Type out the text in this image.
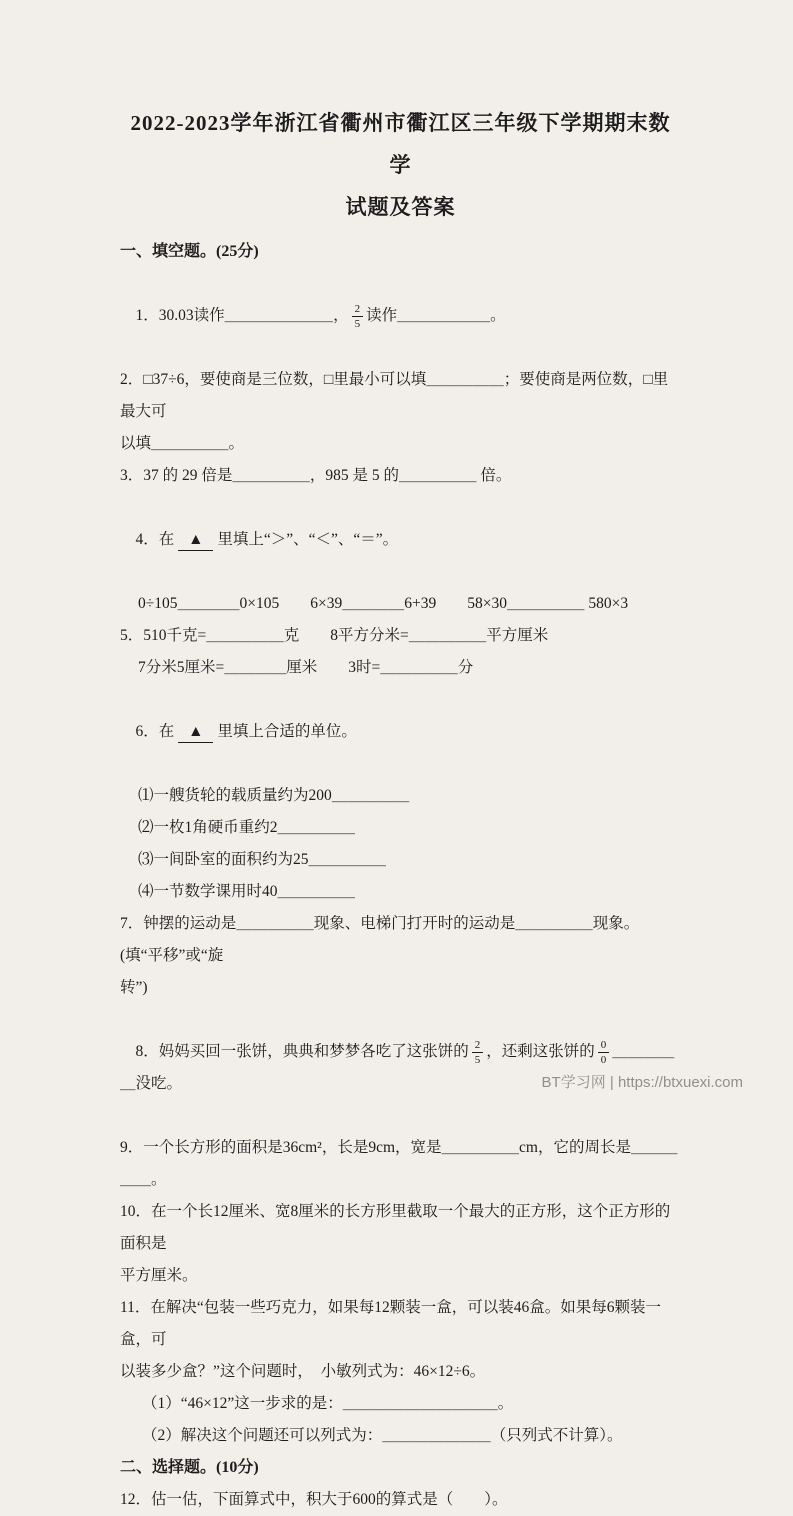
2022-2023学年浙江省衢州市衢江区三年级下学期期末数学
试题及答案
一、填空题。(25分)

1．30.03读作＿＿＿＿＿＿＿， $\frac{2}{5}$ 读作＿＿＿＿＿＿。

2．□37÷6，要使商是三位数，□里最小可以填＿＿＿＿＿；要使商是两位数，□里最大可
以填＿＿＿＿＿。
3．37 的 29 倍是＿＿＿＿＿，985 是 5 的＿＿＿＿＿ 倍。

4．在 ▲ 里填上“＞”、“＜”、“＝”。

0÷105＿＿＿＿0×105　　6×39＿＿＿＿6+39　　58×30＿＿＿＿＿ 580×3
5．510千克=＿＿＿＿＿克　　8平方分米=＿＿＿＿＿平方厘米
7分米5厘米=＿＿＿＿厘米　　3时=＿＿＿＿＿分

6．在 ▲ 里填上合适的单位。

⑴一艘货轮的载质量约为200＿＿＿＿＿
⑵一枚1角硬币重约2＿＿＿＿＿
⑶一间卧室的面积约为25＿＿＿＿＿
⑷一节数学课用时40＿＿＿＿＿
7．钟摆的运动是＿＿＿＿＿现象、电梯门打开时的运动是＿＿＿＿＿现象。(填“平移”或“旋
转”)

8．妈妈买回一张饼，典典和梦梦各吃了这张饼的 $\frac{2}{5}$ ，还剩这张饼的 $\frac{0}{0}$ ＿＿＿＿＿没吃。

9．一个长方形的面积是36cm²，长是9cm，宽是＿＿＿＿＿cm，它的周长是＿＿＿＿＿。
10．在一个长12厘米、宽8厘米的长方形里截取一个最大的正方形，这个正方形的面积是
平方厘米。
11．在解决“包装一些巧克力，如果每12颗装一盒，可以装46盒。如果每6颗装一盒，可
以装多少盒？”这个问题时，　小敏列式为：46×12÷6。
（1）“46×12”这一步求的是：＿＿＿＿＿＿＿＿＿＿。
（2）解决这个问题还可以列式为：＿＿＿＿＿＿＿（只列式不计算）。
二、选择题。(10分)
12．估一估，下面算式中，积大于600的算式是（　　）。
BT学习网 | https://btxuexi.com
